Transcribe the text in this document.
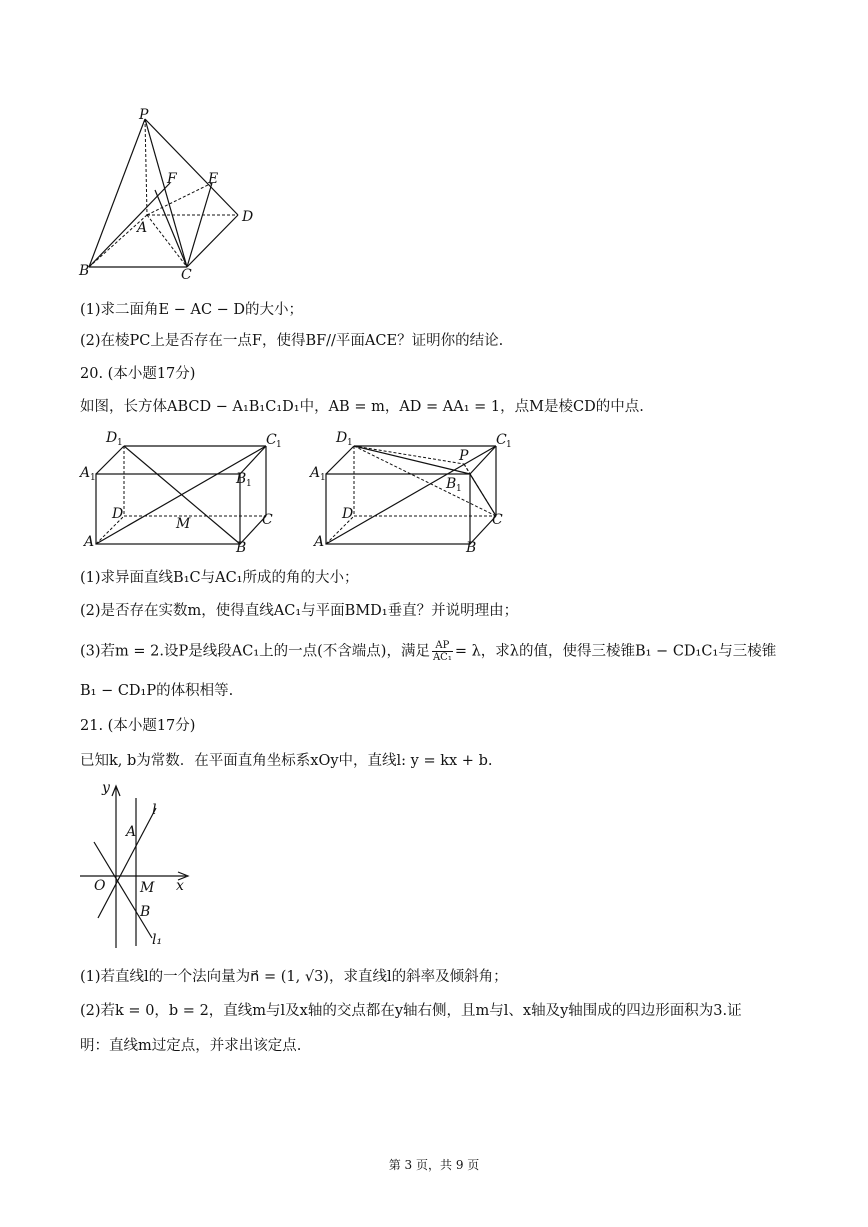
P
F E
D
A
B	C
(1)求二面角E − AC − D的大小；
(2)在棱PC上是否存在一点F，使得BF//平面ACE？证明你的结论.
20. (本小题17分)
如图，长方体ABCD − A₁B₁C₁D₁中，AB = m，AD = AA₁ = 1，点M是棱CD的中点.
D 1	C 1
A 1	B 1
D
M
A	B
C
D 1	C 1
P
A 1	B 1
D
A	B
C
(1)求异面直线B₁C与AC₁所成的角的大小；
(2)是否存在实数m，使得直线AC₁与平面BMD₁垂直？并说明理由；
(3)若m = 2.设P是线段AC₁上的一点(不含端点)，满足 $\frac{AP}{\text{AC₁}} = \lambda$，求λ的值，使得三棱锥B₁ − CD₁C₁与三棱锥
B₁ − CD₁P的体积相等.
21. (本小题17分)
已知k, b为常数．在平面直角坐标系xOy中，直线l: y = kx + b.
y
l
A
O M x
B
l₁
(1)若直线l的一个法向量为n⃗ = (1, √3)，求直线l的斜率及倾斜角；
(2)若k = 0，b = 2，直线m与l及x轴的交点都在y轴右侧，且m与l、x轴及y轴围成的四边形面积为3.证
明：直线m过定点，并求出该定点.
第 3 页，共 9 页
